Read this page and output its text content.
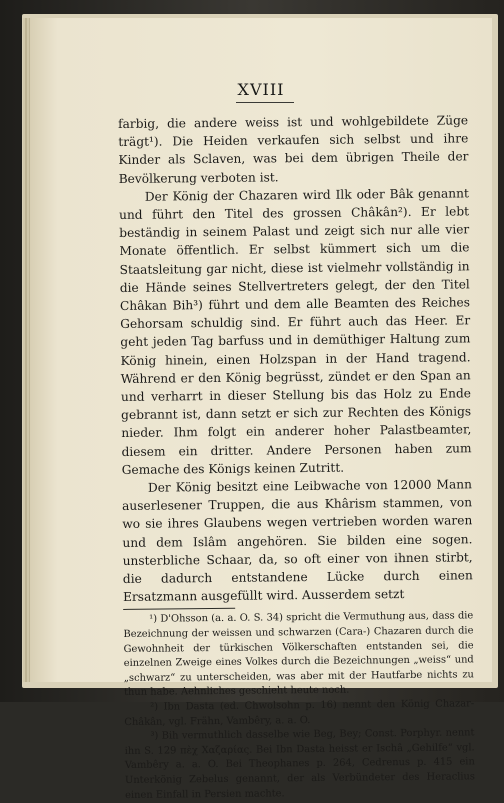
XVIII

farbig, die andere weiss ist und wohlgebildete Züge trägt¹). Die Heiden verkaufen sich selbst und ihre Kinder als Sclaven, was bei dem übrigen Theile der Bevölkerung verboten ist.

Der König der Chazaren wird Ilk oder Bâk genannt und führt den Titel des grossen Châkân²). Er lebt beständig in seinem Palast und zeigt sich nur alle vier Monate öffentlich. Er selbst kümmert sich um die Staatsleitung gar nicht, diese ist vielmehr vollständig in die Hände seines Stellvertreters gelegt, der den Titel Châkan Bih³) führt und dem alle Beamten des Reiches Gehorsam schuldig sind. Er führt auch das Heer. Er geht jeden Tag barfuss und in demüthiger Haltung zum König hinein, einen Holzspan in der Hand tragend. Während er den König begrüsst, zündet er den Span an und verharrt in dieser Stellung bis das Holz zu Ende gebrannt ist, dann setzt er sich zur Rechten des Königs nieder. Ihm folgt ein anderer hoher Palastbeamter, diesem ein dritter. Andere Personen haben zum Gemache des Königs keinen Zutritt.

Der König besitzt eine Leibwache von 12000 Mann auserlesener Truppen, die aus Khârism stammen, von wo sie ihres Glaubens wegen vertrieben worden waren und dem Islâm angehören. Sie bilden eine sogen. unsterbliche Schaar, da, so oft einer von ihnen stirbt, die dadurch entstandene Lücke durch einen Ersatzmann ausgefüllt wird. Ausserdem setzt

¹) D'Ohsson (a. a. O. S. 34) spricht die Vermuthung aus, dass die Bezeichnung der weissen und schwarzen (Cara-) Chazaren durch die Gewohnheit der türkischen Völkerschaften entstanden sei, die einzelnen Zweige eines Volkes durch die Bezeichnungen „weiss“ und „schwarz“ zu unterscheiden, was aber mit der Hautfarbe nichts zu thun habe. Aehnliches geschieht heute noch.

²) Ibn Dasta (ed. Chwolsohn p. 16) nennt den König Chazar-Châkân, vgl. Frähn, Vambêry, a. a. O.

³) Bih vermuthlich dasselbe wie Beg, Bey; Const. Porphyr. nennt ihn S. 129 πὲχ Χαζαρίας. Bei Ibn Dasta heisst er Ischâ „Gehilfe“ vgl. Vambêry a. a. O. Bei Theophanes p. 264, Cedrenus p. 415 ein Unterkönig Zebelus genannt, der als Verbündeter des Heraclius einen Einfall in Persien machte.
